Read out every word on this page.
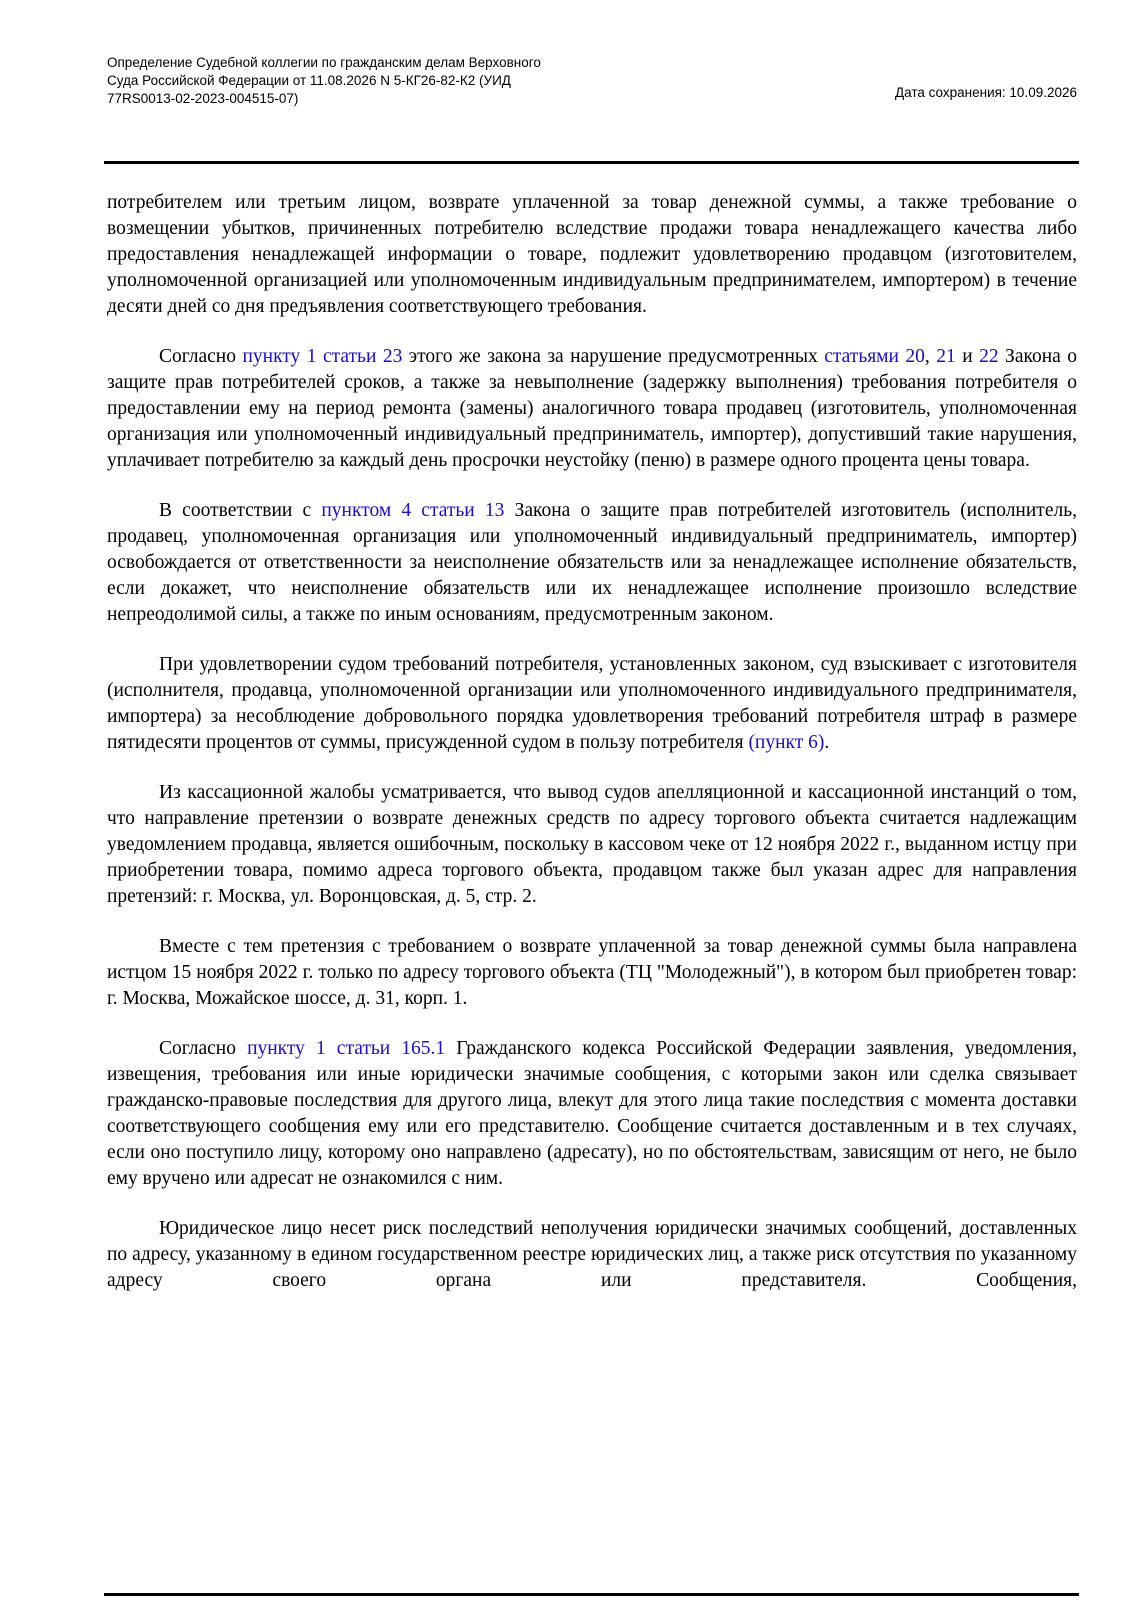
Определение Судебной коллегии по гражданским делам Верховного
Суда Российской Федерации от 11.08.2026 N 5-КГ26-82-К2 (УИД
77RS0013-02-2023-004515-07)	Дата сохранения: 10.09.2026

потребителем или третьим лицом, возврате уплаченной за товар денежной суммы, а также требование о возмещении убытков, причиненных потребителю вследствие продажи товара ненадлежащего качества либо предоставления ненадлежащей информации о товаре, подлежит удовлетворению продавцом (изготовителем, уполномоченной организацией или уполномоченным индивидуальным предпринимателем, импортером) в течение десяти дней со дня предъявления соответствующего требования.

Согласно пункту 1 статьи 23 этого же закона за нарушение предусмотренных статьями 20, 21 и 22 Закона о защите прав потребителей сроков, а также за невыполнение (задержку выполнения) требования потребителя о предоставлении ему на период ремонта (замены) аналогичного товара продавец (изготовитель, уполномоченная организация или уполномоченный индивидуальный предприниматель, импортер), допустивший такие нарушения, уплачивает потребителю за каждый день просрочки неустойку (пеню) в размере одного процента цены товара.

В соответствии с пунктом 4 статьи 13 Закона о защите прав потребителей изготовитель (исполнитель, продавец, уполномоченная организация или уполномоченный индивидуальный предприниматель, импортер) освобождается от ответственности за неисполнение обязательств или за ненадлежащее исполнение обязательств, если докажет, что неисполнение обязательств или их ненадлежащее исполнение произошло вследствие непреодолимой силы, а также по иным основаниям, предусмотренным законом.

При удовлетворении судом требований потребителя, установленных законом, суд взыскивает с изготовителя (исполнителя, продавца, уполномоченной организации или уполномоченного индивидуального предпринимателя, импортера) за несоблюдение добровольного порядка удовлетворения требований потребителя штраф в размере пятидесяти процентов от суммы, присужденной судом в пользу потребителя (пункт 6).

Из кассационной жалобы усматривается, что вывод судов апелляционной и кассационной инстанций о том, что направление претензии о возврате денежных средств по адресу торгового объекта считается надлежащим уведомлением продавца, является ошибочным, поскольку в кассовом чеке от 12 ноября 2022 г., выданном истцу при приобретении товара, помимо адреса торгового объекта, продавцом также был указан адрес для направления претензий: г. Москва, ул. Воронцовская, д. 5, стр. 2.

Вместе с тем претензия с требованием о возврате уплаченной за товар денежной суммы была направлена истцом 15 ноября 2022 г. только по адресу торгового объекта (ТЦ "Молодежный"), в котором был приобретен товар: г. Москва, Можайское шоссе, д. 31, корп. 1.

Согласно пункту 1 статьи 165.1 Гражданского кодекса Российской Федерации заявления, уведомления, извещения, требования или иные юридически значимые сообщения, с которыми закон или сделка связывает гражданско-правовые последствия для другого лица, влекут для этого лица такие последствия с момента доставки соответствующего сообщения ему или его представителю. Сообщение считается доставленным и в тех случаях, если оно поступило лицу, которому оно направлено (адресату), но по обстоятельствам, зависящим от него, не было ему вручено или адресат не ознакомился с ним.

Юридическое лицо несет риск последствий неполучения юридически значимых сообщений, доставленных по адресу, указанному в едином государственном реестре юридических лиц, а также риск отсутствия по указанному адресу своего органа или представителя. Сообщения,
